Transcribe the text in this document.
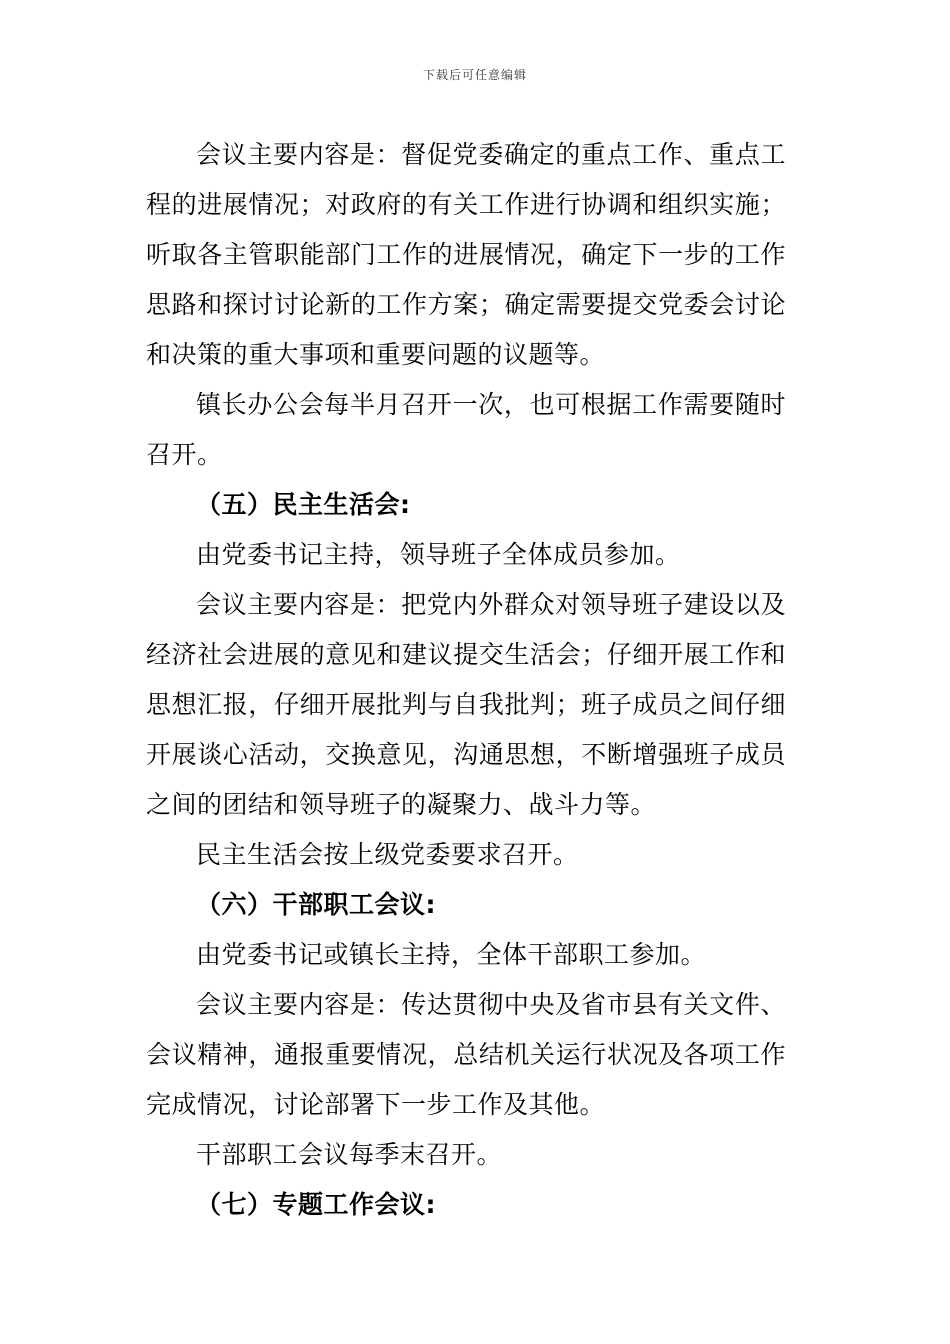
下载后可任意编辑

会议主要内容是：督促党委确定的重点工作、重点工程的进展情况；对政府的有关工作进行协调和组织实施；听取各主管职能部门工作的进展情况，确定下一步的工作思路和探讨讨论新的工作方案；确定需要提交党委会讨论和决策的重大事项和重要问题的议题等。

镇长办公会每半月召开一次，也可根据工作需要随时召开。

（五）民主生活会:

由党委书记主持，领导班子全体成员参加。

会议主要内容是：把党内外群众对领导班子建设以及经济社会进展的意见和建议提交生活会；仔细开展工作和思想汇报，仔细开展批判与自我批判；班子成员之间仔细开展谈心活动，交换意见，沟通思想，不断增强班子成员之间的团结和领导班子的凝聚力、战斗力等。

民主生活会按上级党委要求召开。

（六）干部职工会议:

由党委书记或镇长主持，全体干部职工参加。

会议主要内容是：传达贯彻中央及省市县有关文件、会议精神，通报重要情况，总结机关运行状况及各项工作完成情况，讨论部署下一步工作及其他。

干部职工会议每季末召开。

（七）专题工作会议:
